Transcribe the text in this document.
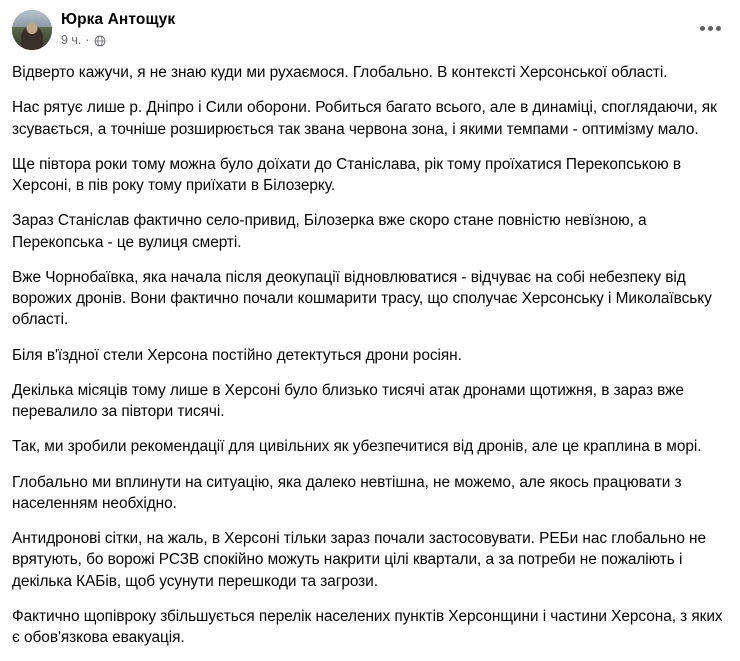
Юрка Антощук
9 ч. ·

Відверто кажучи, я не знаю куди ми рухаємося. Глобально. В контексті Херсонської області.

Нас рятує лише р. Дніпро і Сили оборони. Робиться багато всього, але в динаміці, споглядаючи, як зсувається, а точніше розширюється так звана червона зона, і якими темпами - оптимізму мало.

Ще півтора роки тому можна було доїхати до Станіслава, рік тому проїхатися Перекопською в Херсоні, в пів року тому приїхати в Білозерку.

Зараз Станіслав фактично село-привид, Білозерка вже скоро стане повністю невїзною, а Перекопська - це вулиця смерті.

Вже Чорнобаївка, яка начала після деокупації відновлюватися - відчуває на собі небезпеку від ворожих дронів. Вони фактично почали кошмарити трасу, що сполучає Херсонську і Миколаївську області.

Біля в'їздної стели Херсона постійно детектуться дрони росіян.

Декілька місяців тому лише в Херсоні було близько тисячі атак дронами щотижня, в зараз вже перевалило за півтори тисячі.

Так, ми зробили рекомендації для цивільних як убезпечитися від дронів, але це краплина в морі.

Глобально ми вплинути на ситуацію, яка далеко невтішна, не можемо, але якось працювати з населенням необхідно.

Антидронові сітки, на жаль, в Херсоні тільки зараз почали застосовувати. РЕБи нас глобально не врятують, бо ворожі РСЗВ спокійно можуть накрити цілі квартали, а за потреби не пожаліють і декілька КАБів, щоб усунути перешкоди та загрози.

Фактично щопівроку збільшується перелік населених пунктів Херсонщини і частини Херсона, з яких є обов'язкова евакуація.
